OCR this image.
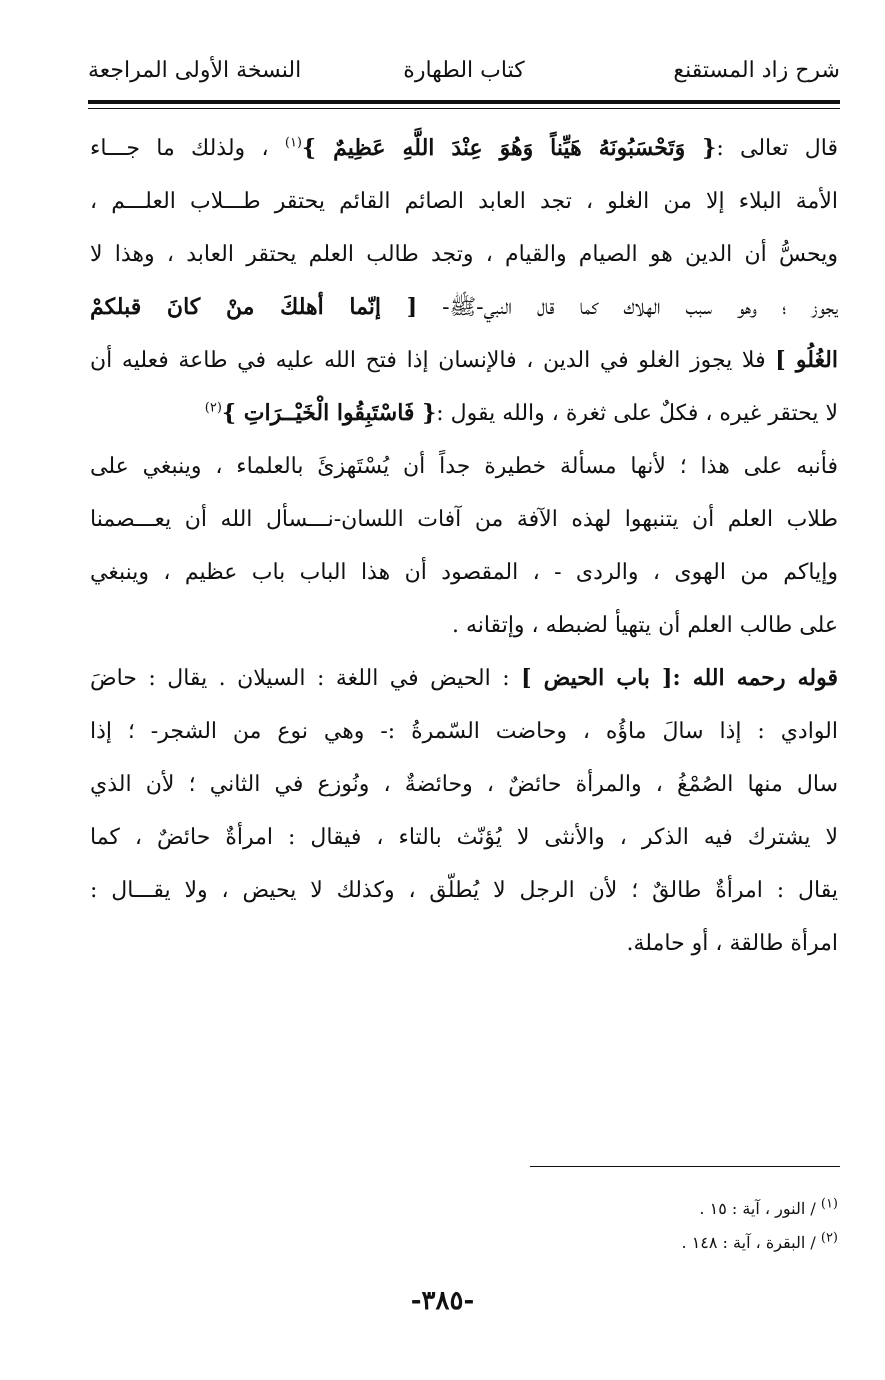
شرح زاد المستقنع
كتاب الطهارة
النسخة الأولى المراجعة
قال تعالى :{ وَتَحْسَبُونَهُ هَيِّناً وَهُوَ عِنْدَ اللَّهِ عَظِيمٌ }$^{(١)}$ ، ولذلك ما جـــاء
الأمة البلاء إلا من الغلو ، تجد العابد الصائم القائم يحتقر طـــلاب العلـــم ،
ويحسُّ أن الدين هو الصيام والقيام ، وتجد طالب العلم يحتقر العابد ، وهذا لا
يجوز ؛ وهو سبب الهلاك كما قال النبي-ﷺ- [ إنّما أهلكَ منْ كانَ قبلكمْ
الغُلُو ] فلا يجوز الغلو في الدين ، فالإنسان إذا فتح الله عليه في طاعة فعليه أن
لا يحتقر غيره ، فكلٌ على ثغرة ، والله يقول :{ فَاسْتَبِقُوا الْخَيْــرَاتِ }$^{(٢)}$
فأنبه على هذا ؛ لأنها مسألة خطيرة جداً أن يُسْتَهزئَ بالعلماء ، وينبغي على
طلاب العلم أن يتنبهوا لهذه الآفة من آفات اللسان-نـــسأل الله أن يعـــصمنا
وإياكم من الهوى ، والردى - ، المقصود أن هذا الباب باب عظيم ، وينبغي
على طالب العلم أن يتهيأ لضبطه ، وإتقانه .
قوله رحمه الله :[ باب الحيض ] : الحيض في اللغة : السيلان . يقال : حاضَ
الوادي : إذا سالَ ماؤُه ، وحاضت السّمرةُ :- وهي نوع من الشجر- ؛ إذا
سال منها الصُمْغُ ، والمرأة حائضٌ ، وحائضةٌ ، ونُوزع في الثاني ؛ لأن الذي
لا يشترك فيه الذكر ، والأنثى لا يُؤنّث بالتاء ، فيقال : امرأةٌ حائضٌ ، كما
يقال : امرأةٌ طالقٌ ؛ لأن الرجل لا يُطلّق ، وكذلك لا يحيض ، ولا يقـــال :
امرأة طالقة ، أو حاملة.
$^{(١)}$ / النور ، آية : ١٥ .
$^{(٢)}$ / البقرة ، آية : ١٤٨ .
-٣٨٥-
